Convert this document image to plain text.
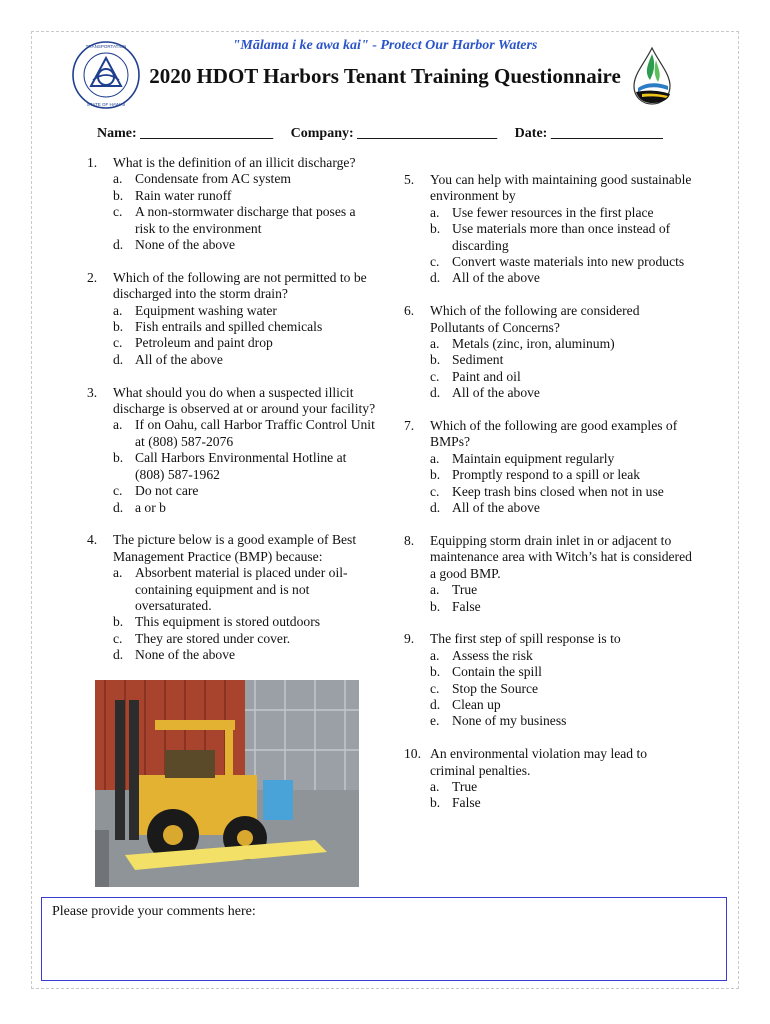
TRANSPORTATION
STATE OF HAWAII
"Mālama i ke awa kai" - Protect Our Harbor Waters
2020 HDOT Harbors Tenant Training Questionnaire
Name: ___________________ Company: ____________________ Date: ________________
1. What is the definition of an illicit discharge?
a. Condensate from AC system
b. Rain water runoff
c. A non-stormwater discharge that poses a risk to the environment
d. None of the above
2. Which of the following are not permitted to be discharged into the storm drain?
a. Equipment washing water
b. Fish entrails and spilled chemicals
c. Petroleum and paint drop
d. All of the above
3. What should you do when a suspected illicit discharge is observed at or around your facility?
a. If on Oahu, call Harbor Traffic Control Unit at (808) 587-2076
b. Call Harbors Environmental Hotline at (808) 587-1962
c. Do not care
d. a or b
4. The picture below is a good example of Best Management Practice (BMP) because:
a. Absorbent material is placed under oil-containing equipment and is not oversaturated.
b. This equipment is stored outdoors
c. They are stored under cover.
d. None of the above
5. You can help with maintaining good sustainable environment by
a. Use fewer resources in the first place
b. Use materials more than once instead of discarding
c. Convert waste materials into new products
d. All of the above
6. Which of the following are considered Pollutants of Concerns?
a. Metals (zinc, iron, aluminum)
b. Sediment
c. Paint and oil
d. All of the above
7. Which of the following are good examples of BMPs?
a. Maintain equipment regularly
b. Promptly respond to a spill or leak
c. Keep trash bins closed when not in use
d. All of the above
8. Equipping storm drain inlet in or adjacent to maintenance area with Witch’s hat is considered a good BMP.
a. True
b. False
9. The first step of spill response is to
a. Assess the risk
b. Contain the spill
c. Stop the Source
d. Clean up
e. None of my business
10. An environmental violation may lead to criminal penalties.
a. True
b. False
Please provide your comments here:
